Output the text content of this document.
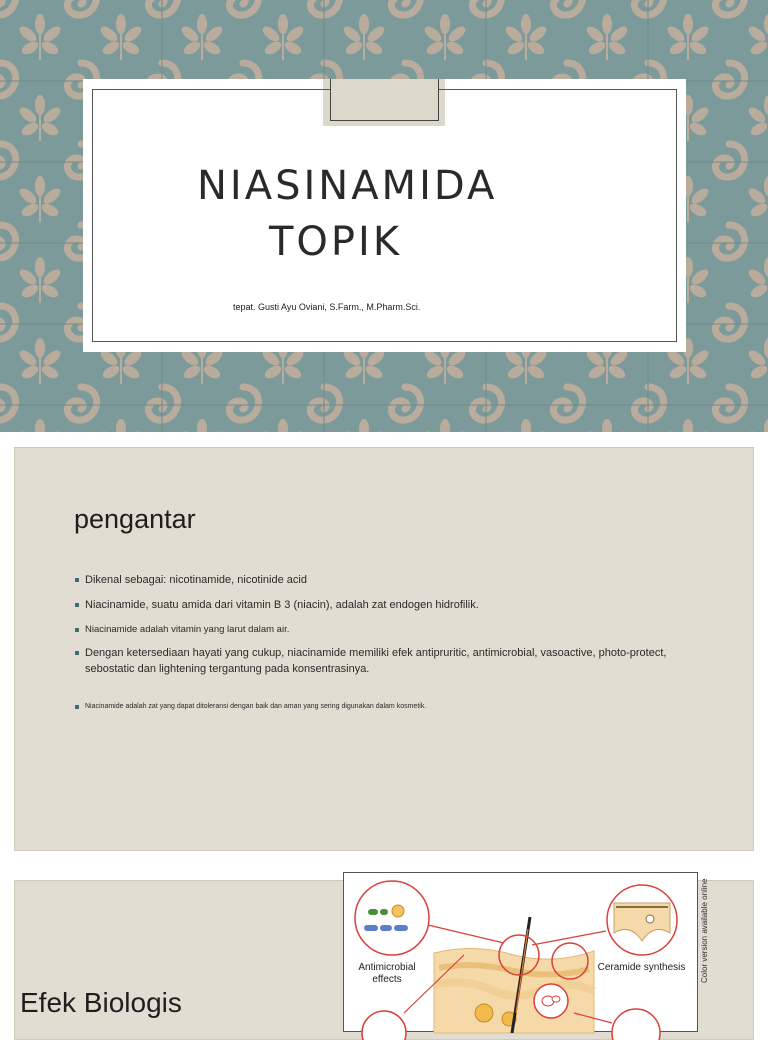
NIASINAMIDA
TOPIK
tepat. Gusti Ayu Oviani, S.Farm., M.Pharm.Sci.
pengantar
Dikenal sebagai: nicotinamide, nicotinide acid
Niacinamide, suatu amida dari vitamin B 3 (niacin), adalah zat endogen hidrofilik.
Niacinamide adalah vitamin yang larut dalam air.
Dengan ketersediaan hayati yang cukup, niacinamide memiliki efek antipruritic, antimicrobial, vasoactive, photo-protect, sebostatic dan lightening tergantung pada konsentrasinya.
Niacinamide adalah zat yang dapat ditoleransi dengan baik dan aman yang sering digunakan dalam kosmetik.
Efek Biologis
Antimicrobial effects
Ceramide synthesis	Color version available online
